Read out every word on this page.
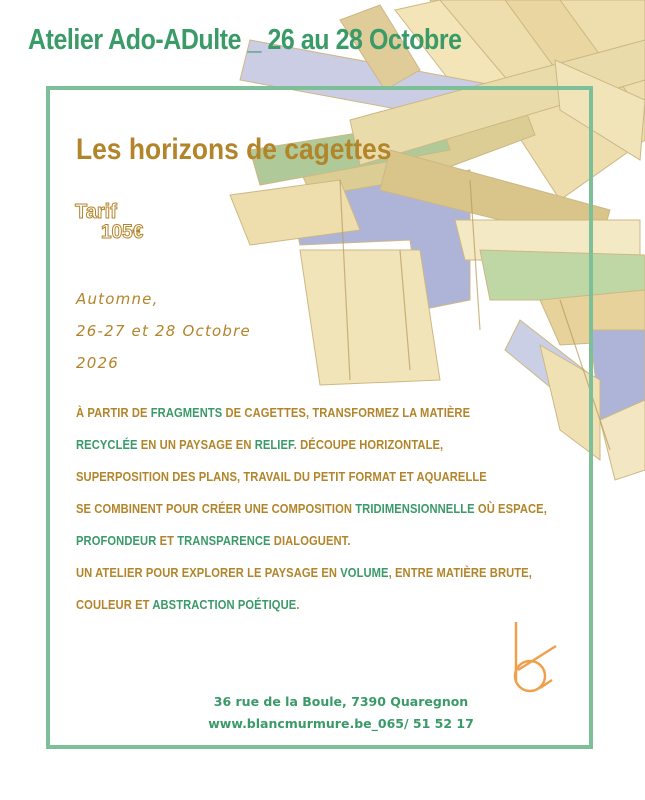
Atelier Ado-ADulte _ 26 au 28 Octobre
Les horizons de cagettes
Tarif
105€
Automne,
26-27 et 28 Octobre
2026
À PARTIR DE FRAGMENTS DE CAGETTES, TRANSFORMEZ LA MATIÈRE
RECYCLÉE EN UN PAYSAGE EN RELIEF. DÉCOUPE HORIZONTALE,
SUPERPOSITION DES PLANS, TRAVAIL DU PETIT FORMAT ET AQUARELLE
SE COMBINENT POUR CRÉER UNE COMPOSITION TRIDIMENSIONNELLE OÙ ESPACE,
PROFONDEUR ET TRANSPARENCE DIALOGUENT.
UN ATELIER POUR EXPLORER LE PAYSAGE EN VOLUME, ENTRE MATIÈRE BRUTE,
COULEUR ET ABSTRACTION POÉTIQUE.
36 rue de la Boule, 7390 Quaregnon
www.blancmurmure.be_065/ 51 52 17
